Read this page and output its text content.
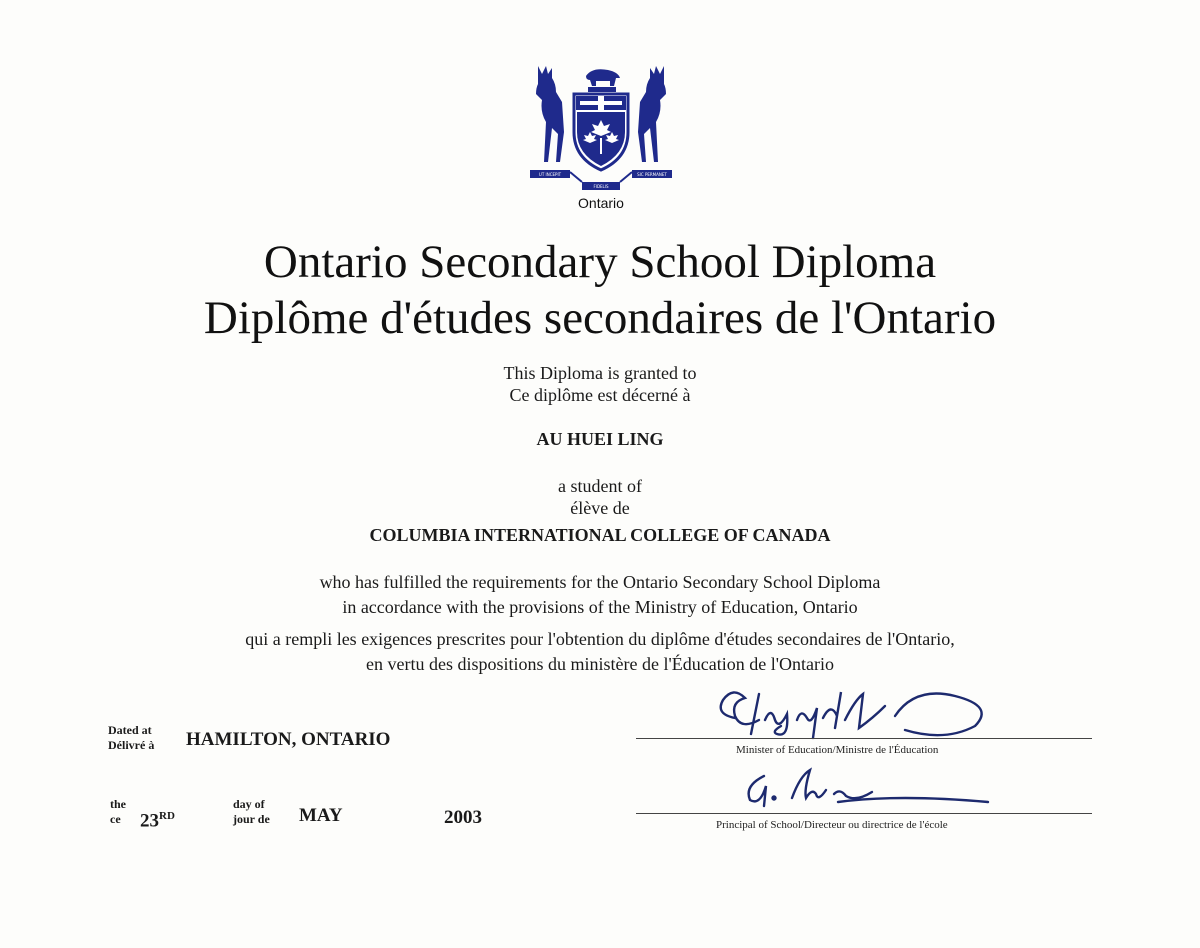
UT INCEPIT	SIC PERMANET
FIDELIS
Ontario
Ontario Secondary School Diploma
Diplôme d'études secondaires de l'Ontario
This Diploma is granted to
Ce diplôme est décerné à
AU HUEI LING
a student of
élève de
COLUMBIA INTERNATIONAL COLLEGE OF CANADA
who has fulfilled the requirements for the Ontario Secondary School Diploma
in accordance with the provisions of the Ministry of Education, Ontario
qui a rempli les exigences prescrites pour l'obtention du diplôme d'études secondaires de l'Ontario,
en vertu des dispositions du ministère de l'Éducation de l'Ontario
Dated at
Délivré à HAMILTON, ONTARIO
the
ce 23RD
day of
jour de MAY	2003
Minister of Education/Ministre de l'Éducation
Principal of School/Directeur ou directrice de l'école
